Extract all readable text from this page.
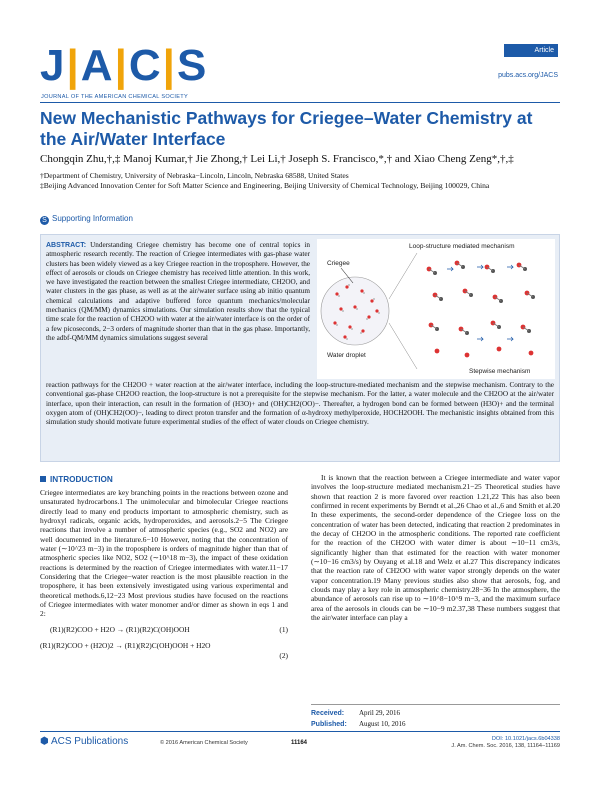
J|A|C|S
JOURNAL OF THE AMERICAN CHEMICAL SOCIETY
Article
pubs.acs.org/JACS
New Mechanistic Pathways for Criegee–Water Chemistry at the Air/Water Interface
Chongqin Zhu,†,‡ Manoj Kumar,† Jie Zhong,† Lei Li,† Joseph S. Francisco,*,† and Xiao Cheng Zeng*,†,‡
†Department of Chemistry, University of Nebraska−Lincoln, Lincoln, Nebraska 68588, United States
‡Beijing Advanced Innovation Center for Soft Matter Science and Engineering, Beijing University of Chemical Technology, Beijing 100029, China
S Supporting Information
ABSTRACT: Understanding Criegee chemistry has become one of central topics in atmospheric research recently. The reaction of Criegee intermediates with gas-phase water clusters has been widely viewed as a key Criegee reaction in the troposphere. However, the effect of aerosols or clouds on Criegee chemistry has received little attention. In this work, we have investigated the reaction between the smallest Criegee intermediate, CH2OO, and water clusters in the gas phase, as well as at the air/water surface using ab initio quantum chemical calculations and adaptive buffered force quantum mechanics/molecular mechanics (QM/MM) dynamics simulations. Our simulation results show that the typical time scale for the reaction of CH2OO with water at the air/water interface is on the order of a few picoseconds, 2−3 orders of magnitude shorter than that in the gas phase. Importantly, the adbf-QM/MM dynamics simulations suggest several
reaction pathways for the CH2OO + water reaction at the air/water interface, including the loop-structure-mediated mechanism and the stepwise mechanism. Contrary to the conventional gas-phase CH2OO reaction, the loop-structure is not a prerequisite for the stepwise mechanism. For the latter, a water molecule and the CH2OO at the air/water interface, upon their interaction, can result in the formation of (H3O)+ and (OH)CH2(OO)−. Thereafter, a hydrogen bond can be formed between (H3O)+ and the terminal oxygen atom of (OH)CH2(OO)−, leading to direct proton transfer and the formation of α-hydroxy methylperoxide, HOCH2OOH. The mechanistic insights obtained from this simulation study should motivate future experimental studies of the effect of water clouds on Criegee chemistry.
Loop-structure mediated mechanism
Criegee
Water droplet
Stepwise mechanism
INTRODUCTION
Criegee intermediates are key branching points in the reactions between ozone and unsaturated hydrocarbons.1 The unimolecular and bimolecular Criegee reactions directly lead to many end products important to atmospheric chemistry, such as hydroxyl radicals, organic acids, hydroperoxides, and aerosols.2−5 The Criegee reactions that involve a number of atmospheric species (e.g., SO2 and NO2) are well documented in the literature.6−10 However, noting that the concentration of water (∼10^23 m−3) in the troposphere is orders of magnitude higher than that of atmospheric species like NO2, SO2 (∼10^18 m−3), the impact of these oxidation reactions is determined by the reaction of Criegee intermediates with water.11−17 Considering that the Criegee−water reaction is the most plausible reaction in the troposphere, it has been extensively investigated using various experimental and theoretical methods.6,12−23 Most previous studies have focused on the reactions of Criegee intermediates with water monomer and/or dimer as shown in eqs 1 and 2:
(R1)(R2)COO + H2O → (R1)(R2)C(OH)OOH	(1)
(R1)(R2)COO + (H2O)2 → (R1)(R2)C(OH)OOH + H2O
(2)
It is known that the reaction between a Criegee intermediate and water vapor involves the loop-structure mediated mechanism.21−25 Theoretical studies have shown that reaction 2 is more favored over reaction 1.21,22 This has also been confirmed in recent experiments by Berndt et al.,26 Chao et al.,6 and Smith et al.20 In these experiments, the second-order dependence of the Criegee loss on the concentration of water has been detected, indicating that reaction 2 predominates in the decay of CH2OO in the atmospheric conditions. The reported rate coefficient for the reaction of the CH2OO with water dimer is about ∼10−11 cm3/s, significantly higher than that estimated for the reaction with water monomer (∼10−16 cm3/s) by Ouyang et al.18 and Welz et al.27 This discrepancy indicates that the reaction rate of CH2OO with water vapor strongly depends on the water vapor concentration.19 Many previous studies also show that aerosols, fog, and clouds may play a key role in atmospheric chemistry.28−36 In the atmosphere, the abundance of aerosols can rise up to ∼10^8−10^9 m−3, and the maximum surface area of the aerosols in clouds can be ∼10−9 m2.37,38 These numbers suggest that the air/water interface can play a
Received: April 29, 2016
Published: August 10, 2016
⬢ ACS Publications	© 2016 American Chemical Society	11164
DOI: 10.1021/jacs.6b04338
J. Am. Chem. Soc. 2016, 138, 11164−11169
